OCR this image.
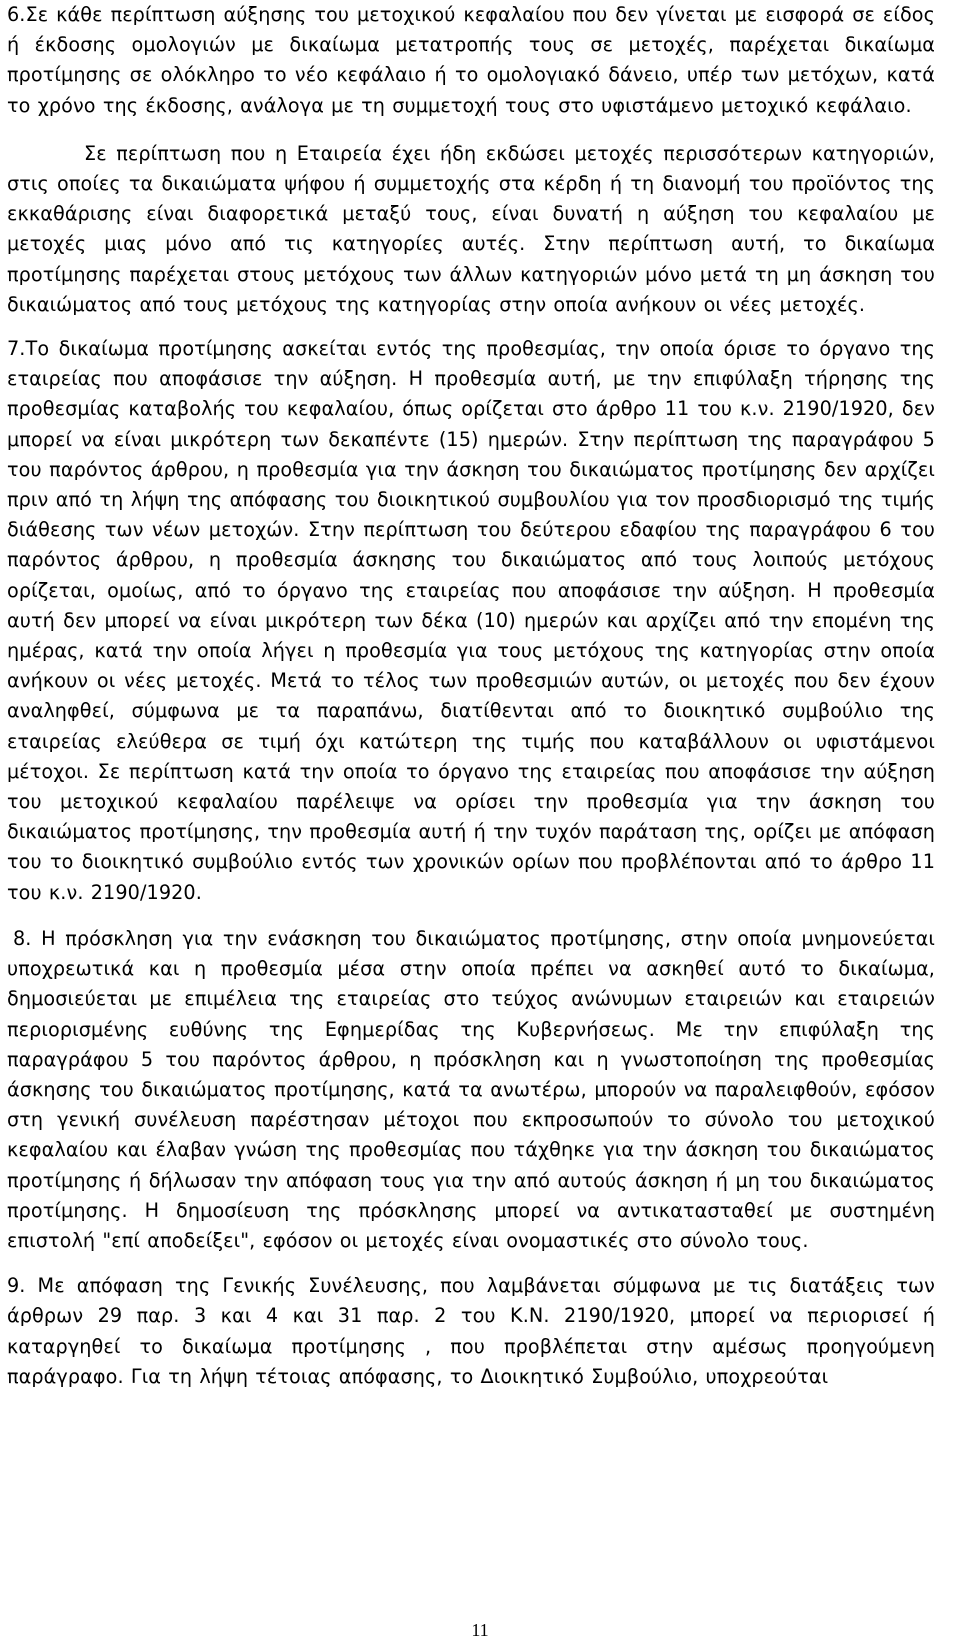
6.Σε κάθε περίπτωση αύξησης του μετοχικού κεφαλαίου που δεν γίνεται με εισφορά σε είδος ή έκδοσης ομολογιών με δικαίωμα μετατροπής τους σε μετοχές, παρέχεται δικαίωμα προτίμησης σε ολόκληρο το νέο κεφάλαιο ή το ομολογιακό δάνειο, υπέρ των μετόχων, κατά το χρόνο της έκδοσης, ανάλογα με τη συμμετοχή τους στο υφιστάμενο μετοχικό κεφάλαιο.

Σε περίπτωση που η Εταιρεία έχει ήδη εκδώσει μετοχές περισσότερων κατηγοριών, στις οποίες τα δικαιώματα ψήφου ή συμμετοχής στα κέρδη ή τη διανομή του προϊόντος της εκκαθάρισης είναι διαφορετικά μεταξύ τους, είναι δυνατή η αύξηση του κεφαλαίου με μετοχές μιας μόνο από τις κατηγορίες αυτές. Στην περίπτωση αυτή, το δικαίωμα προτίμησης παρέχεται στους μετόχους των άλλων κατηγοριών μόνο μετά τη μη άσκηση του δικαιώματος από τους μετόχους της κατηγορίας στην οποία ανήκουν οι νέες μετοχές.

7.Το δικαίωμα προτίμησης ασκείται εντός της προθεσμίας, την οποία όρισε το όργανο της εταιρείας που αποφάσισε την αύξηση. Η προθεσμία αυτή, με την επιφύλαξη τήρησης της προθεσμίας καταβολής του κεφαλαίου, όπως ορίζεται στο άρθρο 11 του κ.ν. 2190/1920, δεν μπορεί να είναι μικρότερη των δεκαπέντε (15) ημερών. Στην περίπτωση της παραγράφου 5 του παρόντος άρθρου, η προθεσμία για την άσκηση του δικαιώματος προτίμησης δεν αρχίζει πριν από τη λήψη της απόφασης του διοικητικού συμβουλίου για τον προσδιορισμό της τιμής διάθεσης των νέων μετοχών. Στην περίπτωση του δεύτερου εδαφίου της παραγράφου 6 του παρόντος άρθρου, η προθεσμία άσκησης του δικαιώματος από τους λοιπούς μετόχους ορίζεται, ομοίως, από το όργανο της εταιρείας που αποφάσισε την αύξηση. Η προθεσμία αυτή δεν μπορεί να είναι μικρότερη των δέκα (10) ημερών και αρχίζει από την επομένη της ημέρας, κατά την οποία λήγει η προθεσμία για τους μετόχους της κατηγορίας στην οποία ανήκουν οι νέες μετοχές. Μετά το τέλος των προθεσμιών αυτών, οι μετοχές που δεν έχουν αναληφθεί, σύμφωνα με τα παραπάνω, διατίθενται από το διοικητικό συμβούλιο της εταιρείας ελεύθερα σε τιμή όχι κατώτερη της τιμής που καταβάλλουν οι υφιστάμενοι μέτοχοι. Σε περίπτωση κατά την οποία το όργανο της εταιρείας που αποφάσισε την αύξηση του μετοχικού κεφαλαίου παρέλειψε να ορίσει την προθεσμία για την άσκηση του δικαιώματος προτίμησης, την προθεσμία αυτή ή την τυχόν παράταση της, ορίζει με απόφαση του το διοικητικό συμβούλιο εντός των χρονικών ορίων που προβλέπονται από το άρθρο 11 του κ.ν. 2190/1920.

8. Η πρόσκληση για την ενάσκηση του δικαιώματος προτίμησης, στην οποία μνημονεύεται υποχρεωτικά και η προθεσμία μέσα στην οποία πρέπει να ασκηθεί αυτό το δικαίωμα, δημοσιεύεται με επιμέλεια της εταιρείας στο τεύχος ανώνυμων εταιρειών και εταιρειών περιορισμένης ευθύνης της Εφημερίδας της Κυβερνήσεως. Με την επιφύλαξη της παραγράφου 5 του παρόντος άρθρου, η πρόσκληση και η γνωστοποίηση της προθεσμίας άσκησης του δικαιώματος προτίμησης, κατά τα ανωτέρω, μπορούν να παραλειφθούν, εφόσον στη γενική συνέλευση παρέστησαν μέτοχοι που εκπροσωπούν το σύνολο του μετοχικού κεφαλαίου και έλαβαν γνώση της προθεσμίας που τάχθηκε για την άσκηση του δικαιώματος προτίμησης ή δήλωσαν την απόφαση τους για την από αυτούς άσκηση ή μη του δικαιώματος προτίμησης. Η δημοσίευση της πρόσκλησης μπορεί να αντικατασταθεί με συστημένη επιστολή "επί αποδείξει", εφόσον οι μετοχές είναι ονομαστικές στο σύνολο τους.

9. Με απόφαση της Γενικής Συνέλευσης, που λαμβάνεται σύμφωνα με τις διατάξεις των άρθρων 29 παρ. 3 και 4 και 31 παρ. 2 του Κ.Ν. 2190/1920, μπορεί να περιορισεί ή καταργηθεί το δικαίωμα προτίμησης , που προβλέπεται στην αμέσως προηγούμενη παράγραφο. Για τη λήψη τέτοιας απόφασης, το Διοικητικό Συμβούλιο, υποχρεούται

11
